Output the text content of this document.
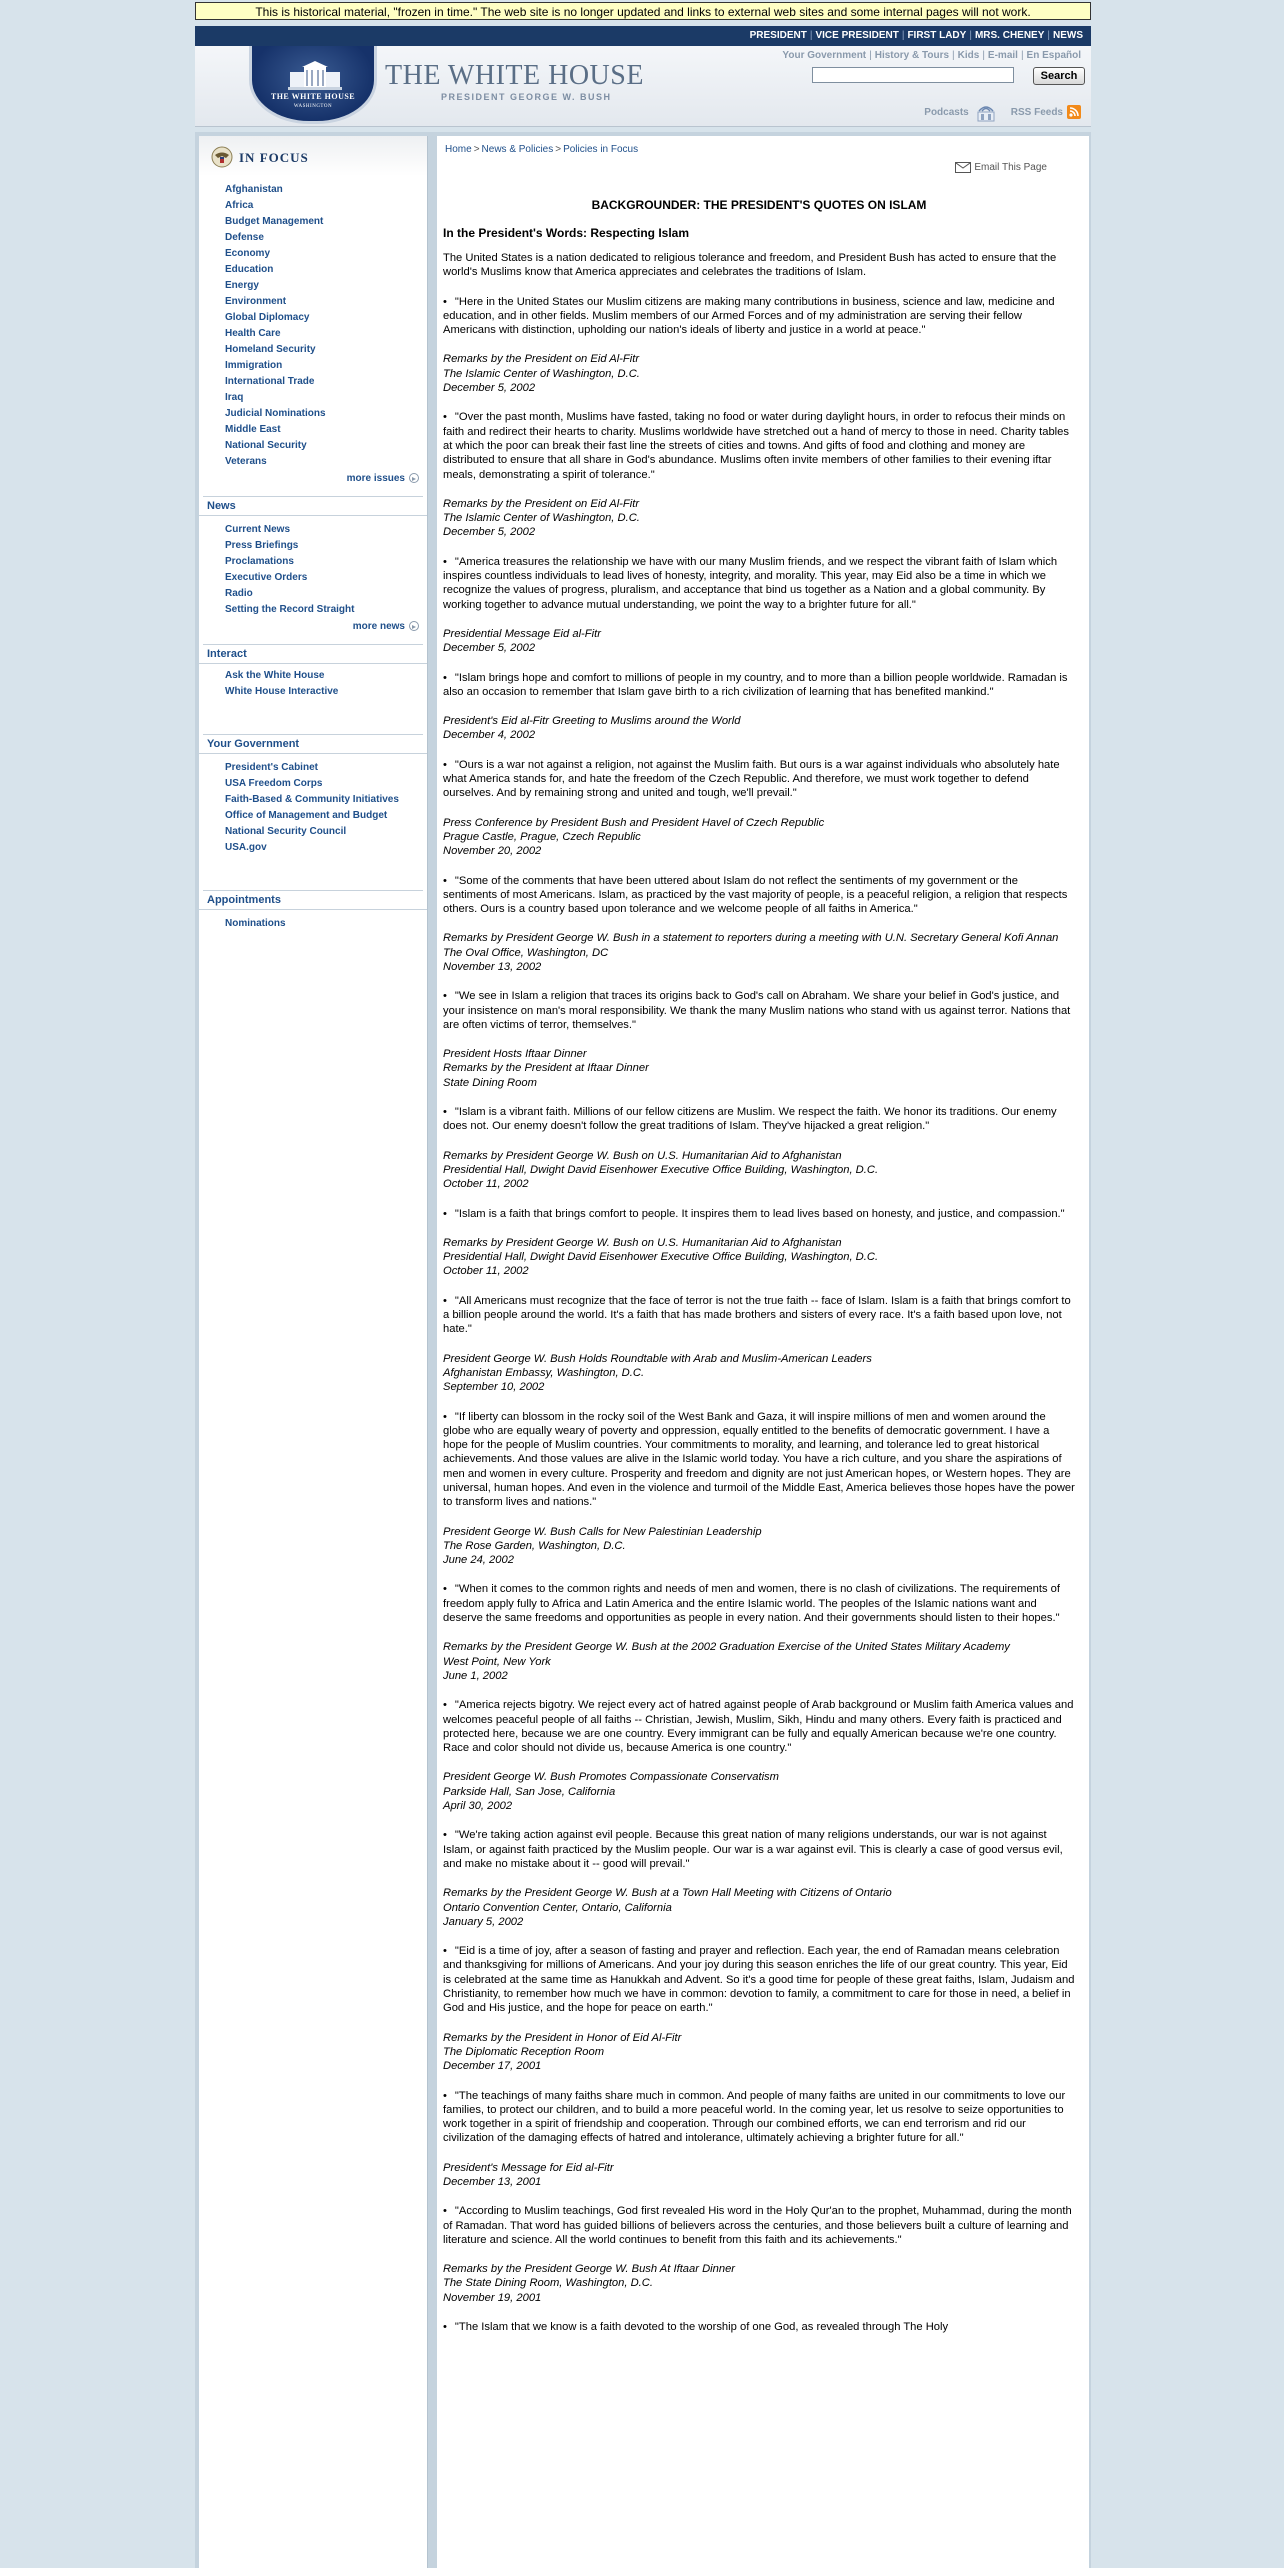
This is historical material, "frozen in time." The web site is no longer updated and links to external web sites and some internal pages will not work.
PRESIDENT | VICE PRESIDENT | FIRST LADY | MRS. CHENEY | NEWS
THE WHITE HOUSE
WASHINGTON
THE WHITE HOUSE
PRESIDENT GEORGE W. BUSH
Your Government | History & Tours | Kids | E-mail | En Español
Search
Podcasts	RSS Feeds
IN FOCUS
Afghanistan
Africa
Budget Management
Defense
Economy
Education
Energy
Environment
Global Diplomacy
Health Care
Homeland Security
Immigration
International Trade
Iraq
Judicial Nominations
Middle East
National Security
Veterans
more issues
News
Current News
Press Briefings
Proclamations
Executive Orders
Radio
Setting the Record Straight
more news
Interact
Ask the White House
White House Interactive
Your Government
President's Cabinet
USA Freedom Corps
Faith-Based & Community Initiatives
Office of Management and Budget
National Security Council
USA.gov
Appointments
Nominations
Home > News & Policies > Policies in Focus
Email This Page
BACKGROUNDER: THE PRESIDENT'S QUOTES ON ISLAM
In the President's Words: Respecting Islam

The United States is a nation dedicated to religious tolerance and freedom, and President Bush has acted to ensure that the world's Muslims know that America appreciates and celebrates the traditions of Islam.

• "Here in the United States our Muslim citizens are making many contributions in business, science and law, medicine and education, and in other fields. Muslim members of our Armed Forces and of my administration are serving their fellow Americans with distinction, upholding our nation's ideals of liberty and justice in a world at peace."

Remarks by the President on Eid Al-Fitr
The Islamic Center of Washington, D.C.
December 5, 2002

• "Over the past month, Muslims have fasted, taking no food or water during daylight hours, in order to refocus their minds on faith and redirect their hearts to charity. Muslims worldwide have stretched out a hand of mercy to those in need. Charity tables at which the poor can break their fast line the streets of cities and towns. And gifts of food and clothing and money are distributed to ensure that all share in God's abundance. Muslims often invite members of other families to their evening iftar meals, demonstrating a spirit of tolerance."

Remarks by the President on Eid Al-Fitr
The Islamic Center of Washington, D.C.
December 5, 2002

• "America treasures the relationship we have with our many Muslim friends, and we respect the vibrant faith of Islam which inspires countless individuals to lead lives of honesty, integrity, and morality. This year, may Eid also be a time in which we recognize the values of progress, pluralism, and acceptance that bind us together as a Nation and a global community. By working together to advance mutual understanding, we point the way to a brighter future for all."

Presidential Message Eid al-Fitr
December 5, 2002

• "Islam brings hope and comfort to millions of people in my country, and to more than a billion people worldwide. Ramadan is also an occasion to remember that Islam gave birth to a rich civilization of learning that has benefited mankind."

President's Eid al-Fitr Greeting to Muslims around the World
December 4, 2002

• "Ours is a war not against a religion, not against the Muslim faith. But ours is a war against individuals who absolutely hate what America stands for, and hate the freedom of the Czech Republic. And therefore, we must work together to defend ourselves. And by remaining strong and united and tough, we'll prevail."

Press Conference by President Bush and President Havel of Czech Republic
Prague Castle, Prague, Czech Republic
November 20, 2002

• "Some of the comments that have been uttered about Islam do not reflect the sentiments of my government or the sentiments of most Americans. Islam, as practiced by the vast majority of people, is a peaceful religion, a religion that respects others. Ours is a country based upon tolerance and we welcome people of all faiths in America."

Remarks by President George W. Bush in a statement to reporters during a meeting with U.N. Secretary General Kofi Annan
The Oval Office, Washington, DC
November 13, 2002

• "We see in Islam a religion that traces its origins back to God's call on Abraham. We share your belief in God's justice, and your insistence on man's moral responsibility. We thank the many Muslim nations who stand with us against terror. Nations that are often victims of terror, themselves."

President Hosts Iftaar Dinner
Remarks by the President at Iftaar Dinner
State Dining Room

• "Islam is a vibrant faith. Millions of our fellow citizens are Muslim. We respect the faith. We honor its traditions. Our enemy does not. Our enemy doesn't follow the great traditions of Islam. They've hijacked a great religion."

Remarks by President George W. Bush on U.S. Humanitarian Aid to Afghanistan
Presidential Hall, Dwight David Eisenhower Executive Office Building, Washington, D.C.
October 11, 2002

• "Islam is a faith that brings comfort to people. It inspires them to lead lives based on honesty, and justice, and compassion."

Remarks by President George W. Bush on U.S. Humanitarian Aid to Afghanistan
Presidential Hall, Dwight David Eisenhower Executive Office Building, Washington, D.C.
October 11, 2002

• "All Americans must recognize that the face of terror is not the true faith -- face of Islam. Islam is a faith that brings comfort to a billion people around the world. It's a faith that has made brothers and sisters of every race. It's a faith based upon love, not hate."

President George W. Bush Holds Roundtable with Arab and Muslim-American Leaders
Afghanistan Embassy, Washington, D.C.
September 10, 2002

• "If liberty can blossom in the rocky soil of the West Bank and Gaza, it will inspire millions of men and women around the globe who are equally weary of poverty and oppression, equally entitled to the benefits of democratic government. I have a hope for the people of Muslim countries. Your commitments to morality, and learning, and tolerance led to great historical achievements. And those values are alive in the Islamic world today. You have a rich culture, and you share the aspirations of men and women in every culture. Prosperity and freedom and dignity are not just American hopes, or Western hopes. They are universal, human hopes. And even in the violence and turmoil of the Middle East, America believes those hopes have the power to transform lives and nations."

President George W. Bush Calls for New Palestinian Leadership
The Rose Garden, Washington, D.C.
June 24, 2002

• "When it comes to the common rights and needs of men and women, there is no clash of civilizations. The requirements of freedom apply fully to Africa and Latin America and the entire Islamic world. The peoples of the Islamic nations want and deserve the same freedoms and opportunities as people in every nation. And their governments should listen to their hopes."

Remarks by the President George W. Bush at the 2002 Graduation Exercise of the United States Military Academy
West Point, New York
June 1, 2002

• "America rejects bigotry. We reject every act of hatred against people of Arab background or Muslim faith America values and welcomes peaceful people of all faiths -- Christian, Jewish, Muslim, Sikh, Hindu and many others. Every faith is practiced and protected here, because we are one country. Every immigrant can be fully and equally American because we're one country. Race and color should not divide us, because America is one country."

President George W. Bush Promotes Compassionate Conservatism
Parkside Hall, San Jose, California
April 30, 2002

• "We're taking action against evil people. Because this great nation of many religions understands, our war is not against Islam, or against faith practiced by the Muslim people. Our war is a war against evil. This is clearly a case of good versus evil, and make no mistake about it -- good will prevail."

Remarks by the President George W. Bush at a Town Hall Meeting with Citizens of Ontario
Ontario Convention Center, Ontario, California
January 5, 2002

• "Eid is a time of joy, after a season of fasting and prayer and reflection. Each year, the end of Ramadan means celebration and thanksgiving for millions of Americans. And your joy during this season enriches the life of our great country. This year, Eid is celebrated at the same time as Hanukkah and Advent. So it's a good time for people of these great faiths, Islam, Judaism and Christianity, to remember how much we have in common: devotion to family, a commitment to care for those in need, a belief in God and His justice, and the hope for peace on earth."

Remarks by the President in Honor of Eid Al-Fitr
The Diplomatic Reception Room
December 17, 2001

• "The teachings of many faiths share much in common. And people of many faiths are united in our commitments to love our families, to protect our children, and to build a more peaceful world. In the coming year, let us resolve to seize opportunities to work together in a spirit of friendship and cooperation. Through our combined efforts, we can end terrorism and rid our civilization of the damaging effects of hatred and intolerance, ultimately achieving a brighter future for all."

President's Message for Eid al-Fitr
December 13, 2001

• "According to Muslim teachings, God first revealed His word in the Holy Qur'an to the prophet, Muhammad, during the month of Ramadan. That word has guided billions of believers across the centuries, and those believers built a culture of learning and literature and science. All the world continues to benefit from this faith and its achievements."

Remarks by the President George W. Bush At Iftaar Dinner
The State Dining Room, Washington, D.C.
November 19, 2001

• "The Islam that we know is a faith devoted to the worship of one God, as revealed through The Holy
